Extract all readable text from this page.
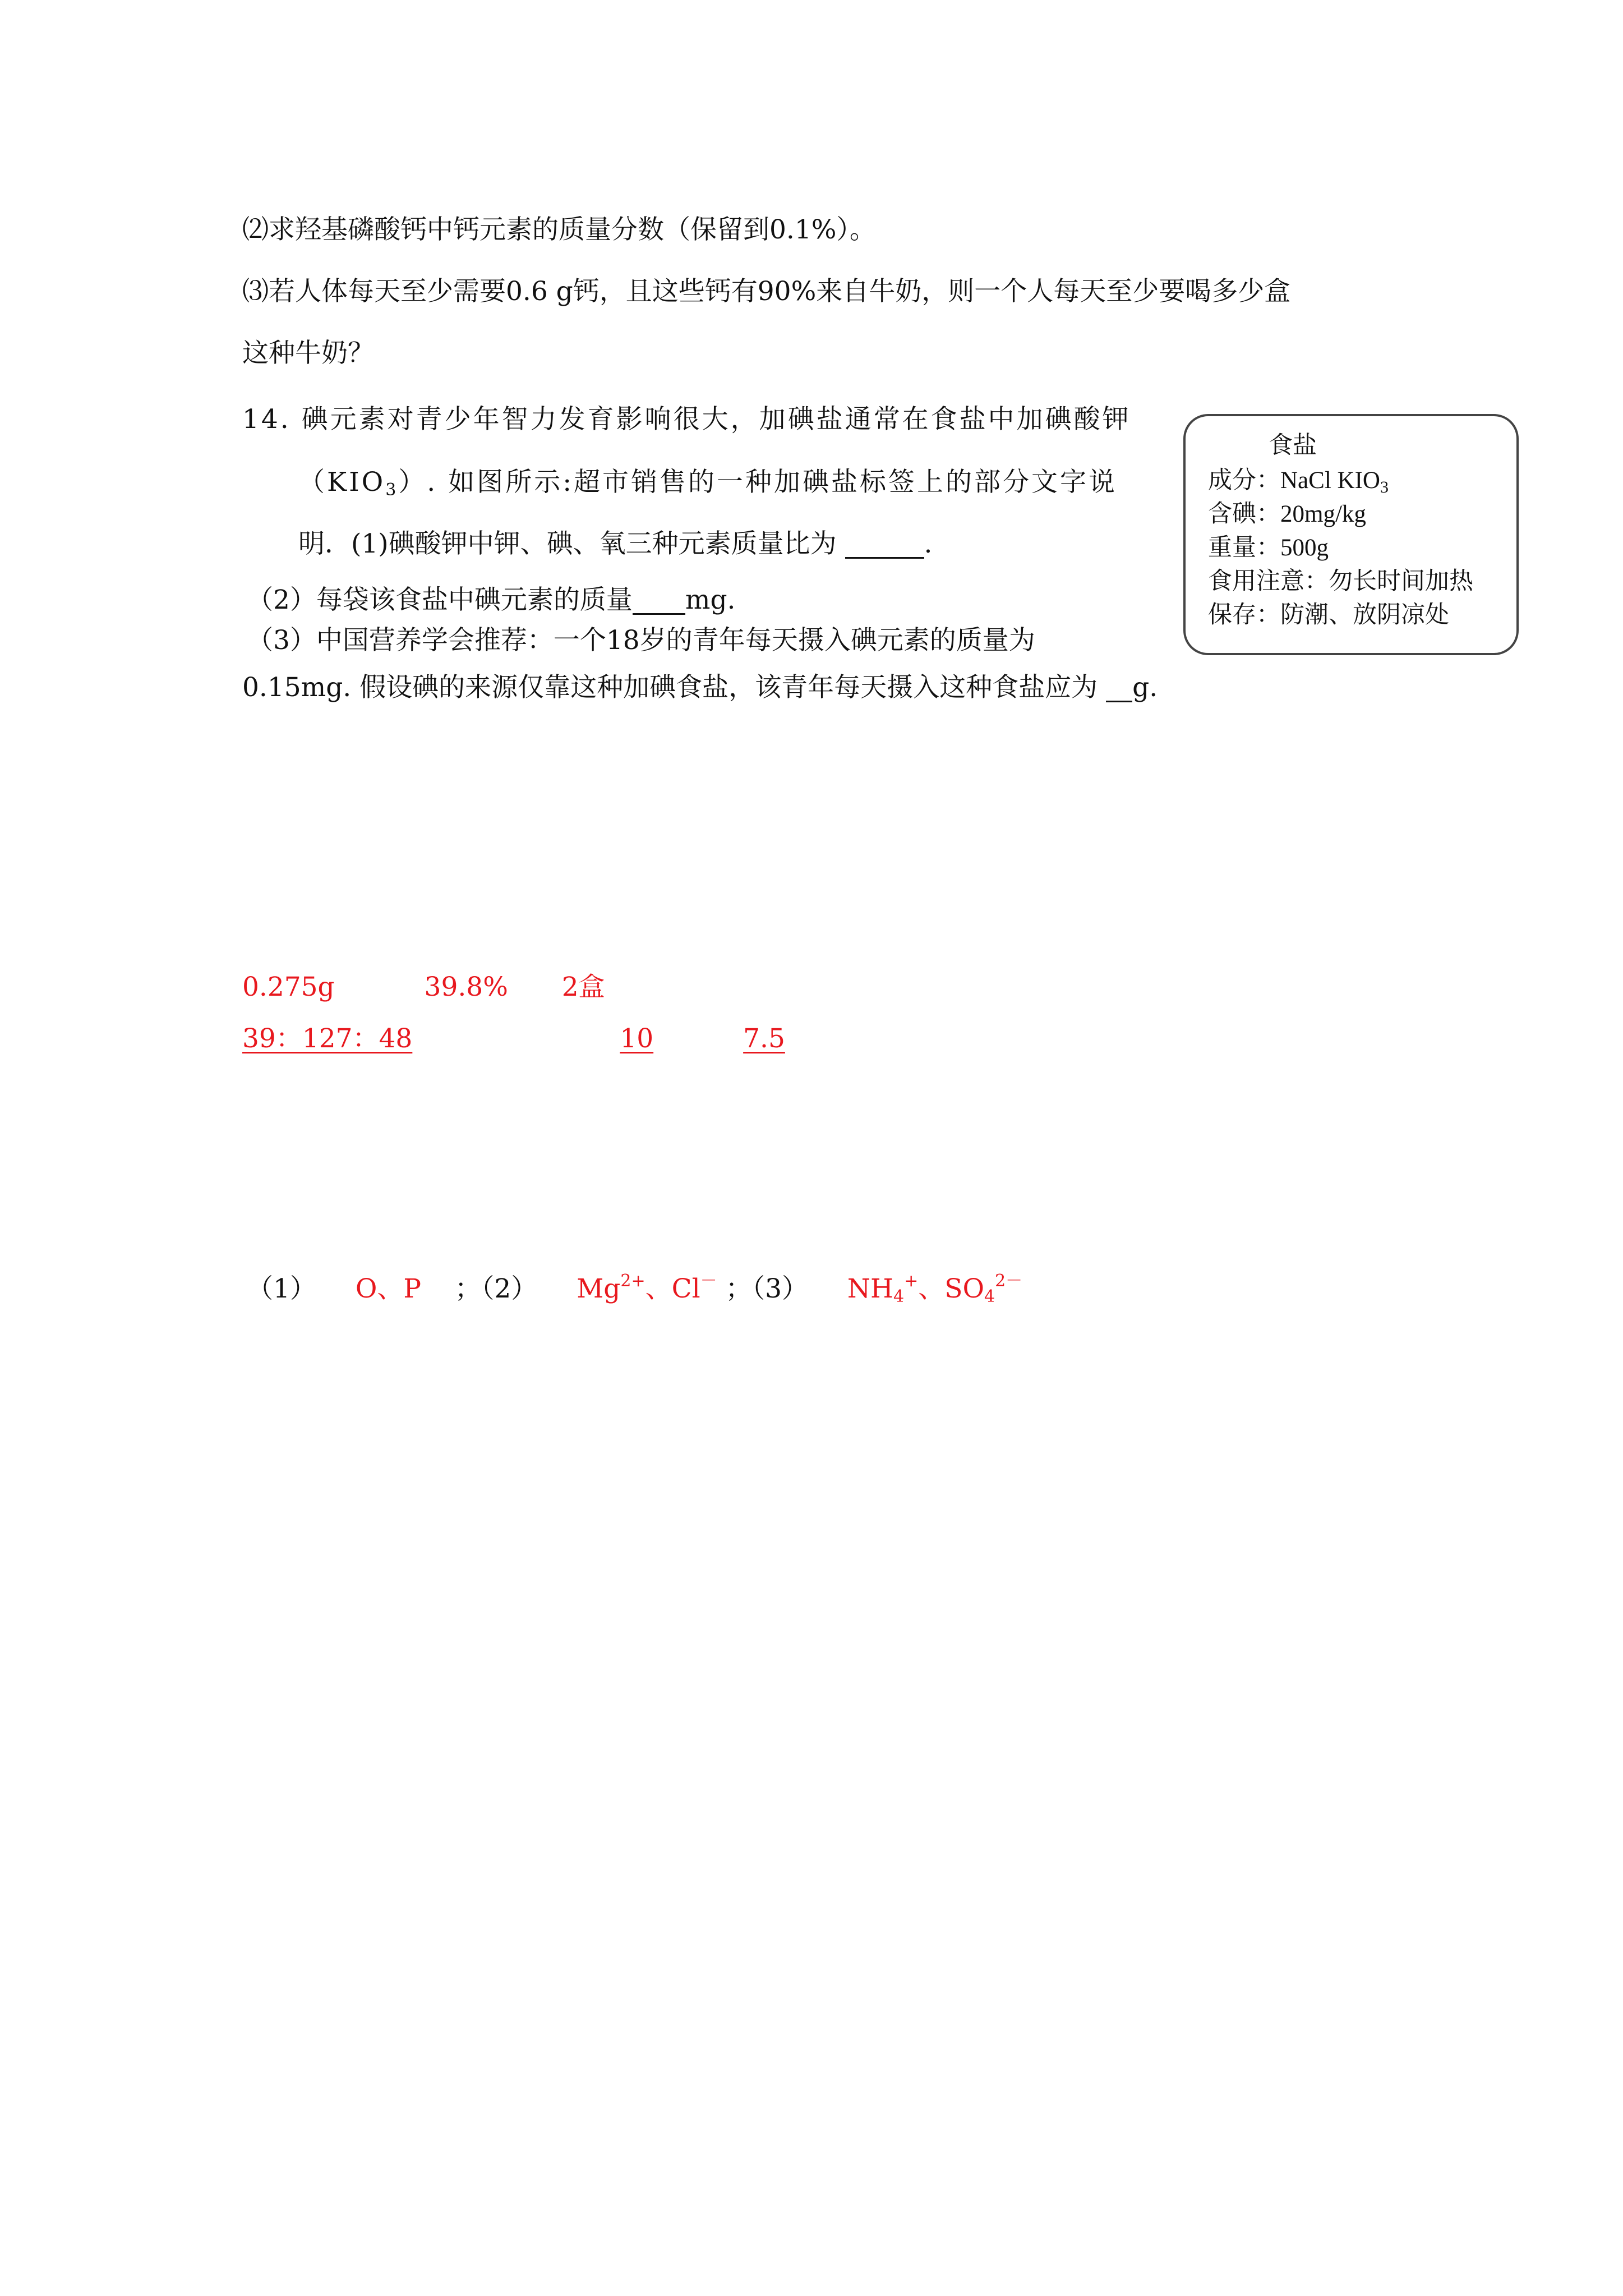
⑵求羟基磷酸钙中钙元素的质量分数（保留到0.1%）。
⑶若人体每天至少需要0.6 g钙，且这些钙有90%来自牛奶，则一个人每天至少要喝多少盒
这种牛奶？
14. 碘元素对青少年智力发育影响很大，加碘盐通常在食盐中加碘酸钾
$(KIO_3)$. 如图所示:超市销售的一种加碘盐标签上的部分文字说
明．(1)碘酸钾中钾、碘、氧三种元素质量比为	.
（2）每袋该食盐中碘元素的质量 mg.
（3）中国营养学会推荐：一个18岁的青年每天摄入碘元素的质量为
0.15mg. 假设碘的来源仅靠这种加碘食盐，该青年每天摄入这种食盐应为 g.
食盐
成分：NaCl $KIO_3$
含碘：20mg/kg
重量：500g
食用注意：勿长时间加热
保存：防潮、放阴凉处
0.275g	39.8% 2盒
39：127：48	10	7.5
（1） O、P ；（2） $Mg^{2+}$、Cl－ ；（3） $NH_4^+$、$SO_4^{2-}$
